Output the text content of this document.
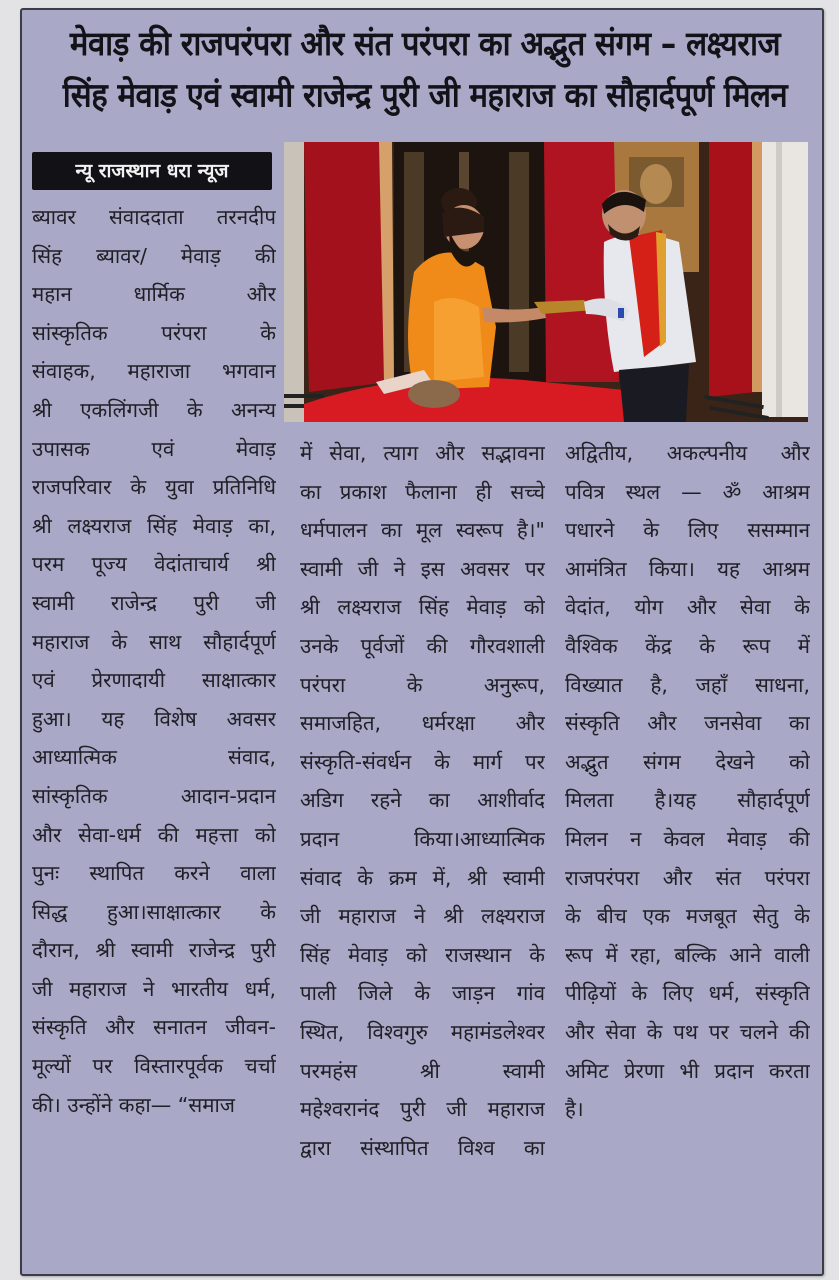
मेवाड़ की राजपरंपरा और संत परंपरा का अद्भुत संगम – लक्ष्यराज
सिंह मेवाड़ एवं स्वामी राजेन्द्र पुरी जी महाराज का सौहार्दपूर्ण मिलन
न्यू राजस्थान धरा न्यूज
ब्यावर संवाददाता तरनदीप
सिंह ब्यावर/ मेवाड़ की
महान	धार्मिक	और
सांस्कृतिक	परंपरा	के
संवाहक, महाराजा भगवान
श्री एकलिंगजी के अनन्य
उपासक	एवं	मेवाड़
राजपरिवार के युवा प्रतिनिधि
श्री लक्ष्यराज सिंह मेवाड़ का,
परम पूज्य वेदांताचार्य श्री
स्वामी राजेन्द्र पुरी जी
महाराज के साथ सौहार्दपूर्ण
एवं प्रेरणादायी साक्षात्कार
हुआ। यह विशेष अवसर
आध्यात्मिक	संवाद,
सांस्कृतिक	आदान-प्रदान
और सेवा-धर्म की महत्ता को
पुनः स्थापित करने वाला
सिद्ध हुआ।साक्षात्कार के
दौरान, श्री स्वामी राजेन्द्र पुरी
जी महाराज ने भारतीय धर्म,
संस्कृति और सनातन जीवन-
मूल्यों पर विस्तारपूर्वक चर्चा
की। उन्होंने कहा— “समाज
में सेवा, त्याग और सद्भावना
का प्रकाश फैलाना ही सच्चे
धर्मपालन का मूल स्वरूप है।"
स्वामी जी ने इस अवसर पर
श्री लक्ष्यराज सिंह मेवाड़ को
उनके पूर्वजों की गौरवशाली
परंपरा	के	अनुरूप,
समाजहित, धर्मरक्षा और
संस्कृति-संवर्धन के मार्ग पर
अडिग रहने का आशीर्वाद
प्रदान	किया।आध्यात्मिक
संवाद के क्रम में, श्री स्वामी
जी महाराज ने श्री लक्ष्यराज
सिंह मेवाड़ को राजस्थान के
पाली जिले के जाड़न गांव
स्थित, विश्वगुरु महामंडलेश्वर
परमहंस	श्री	स्वामी
महेश्वरानंद पुरी जी महाराज
द्वारा संस्थापित विश्व का
अद्वितीय, अकल्पनीय और
पवित्र स्थल — ॐ आश्रम
पधारने के लिए ससम्मान
आमंत्रित किया। यह आश्रम
वेदांत, योग और सेवा के
वैश्विक केंद्र के रूप में
विख्यात है, जहाँ साधना,
संस्कृति और जनसेवा का
अद्भुत संगम देखने को
मिलता है।यह सौहार्दपूर्ण
मिलन न केवल मेवाड़ की
राजपरंपरा और संत परंपरा
के बीच एक मजबूत सेतु के
रूप में रहा, बल्कि आने वाली
पीढ़ियों के लिए धर्म, संस्कृति
और सेवा के पथ पर चलने की
अमिट प्रेरणा भी प्रदान करता
है।
